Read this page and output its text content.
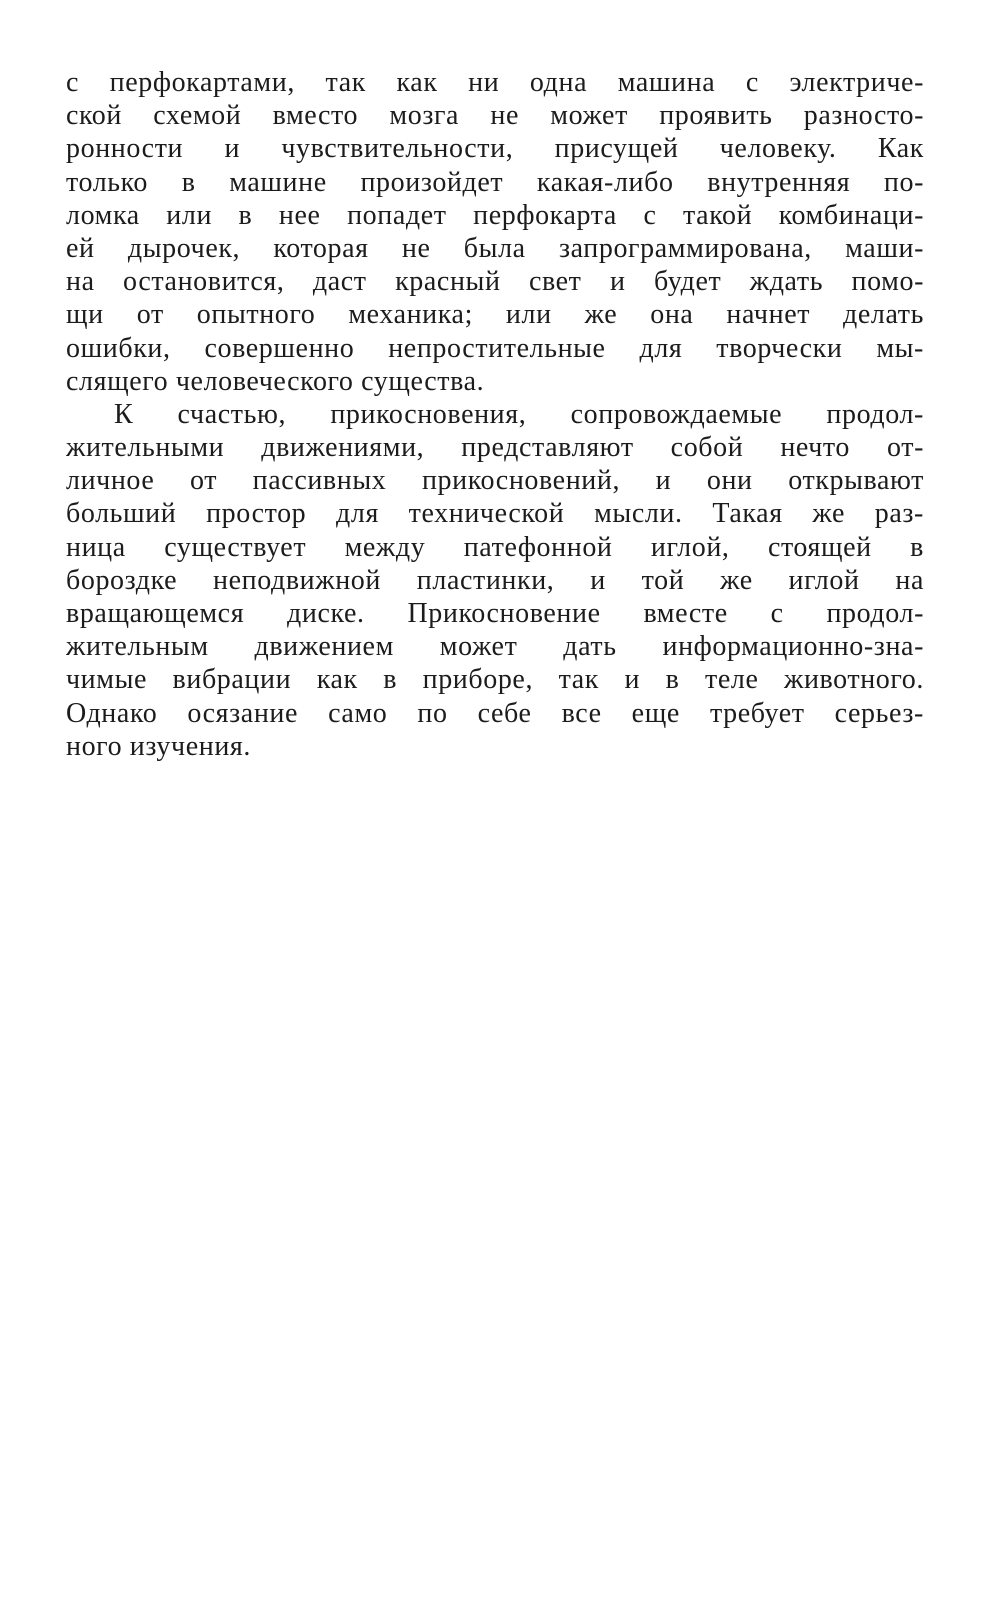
с перфокартами, так как ни одна машина с электриче-
ской схемой вместо мозга не может проявить разносто-
ронности и чувствительности, присущей человеку. Как
только в машине произойдет какая-либо внутренняя по-
ломка или в нее попадет перфокарта с такой комбинаци-
ей дырочек, которая не была запрограммирована, маши-
на остановится, даст красный свет и будет ждать помо-
щи от опытного механика; или же она начнет делать
ошибки, совершенно непростительные для творчески мы-
слящего человеческого существа.
К счастью, прикосновения, сопровождаемые продол-
жительными движениями, представляют собой нечто от-
личное от пассивных прикосновений, и они открывают
больший простор для технической мысли. Такая же раз-
ница существует между патефонной иглой, стоящей в
бороздке неподвижной пластинки, и той же иглой на
вращающемся диске. Прикосновение вместе с продол-
жительным движением может дать информационно-зна-
чимые вибрации как в приборе, так и в теле животного.
Однако осязание само по себе все еще требует серьез-
ного изучения.
